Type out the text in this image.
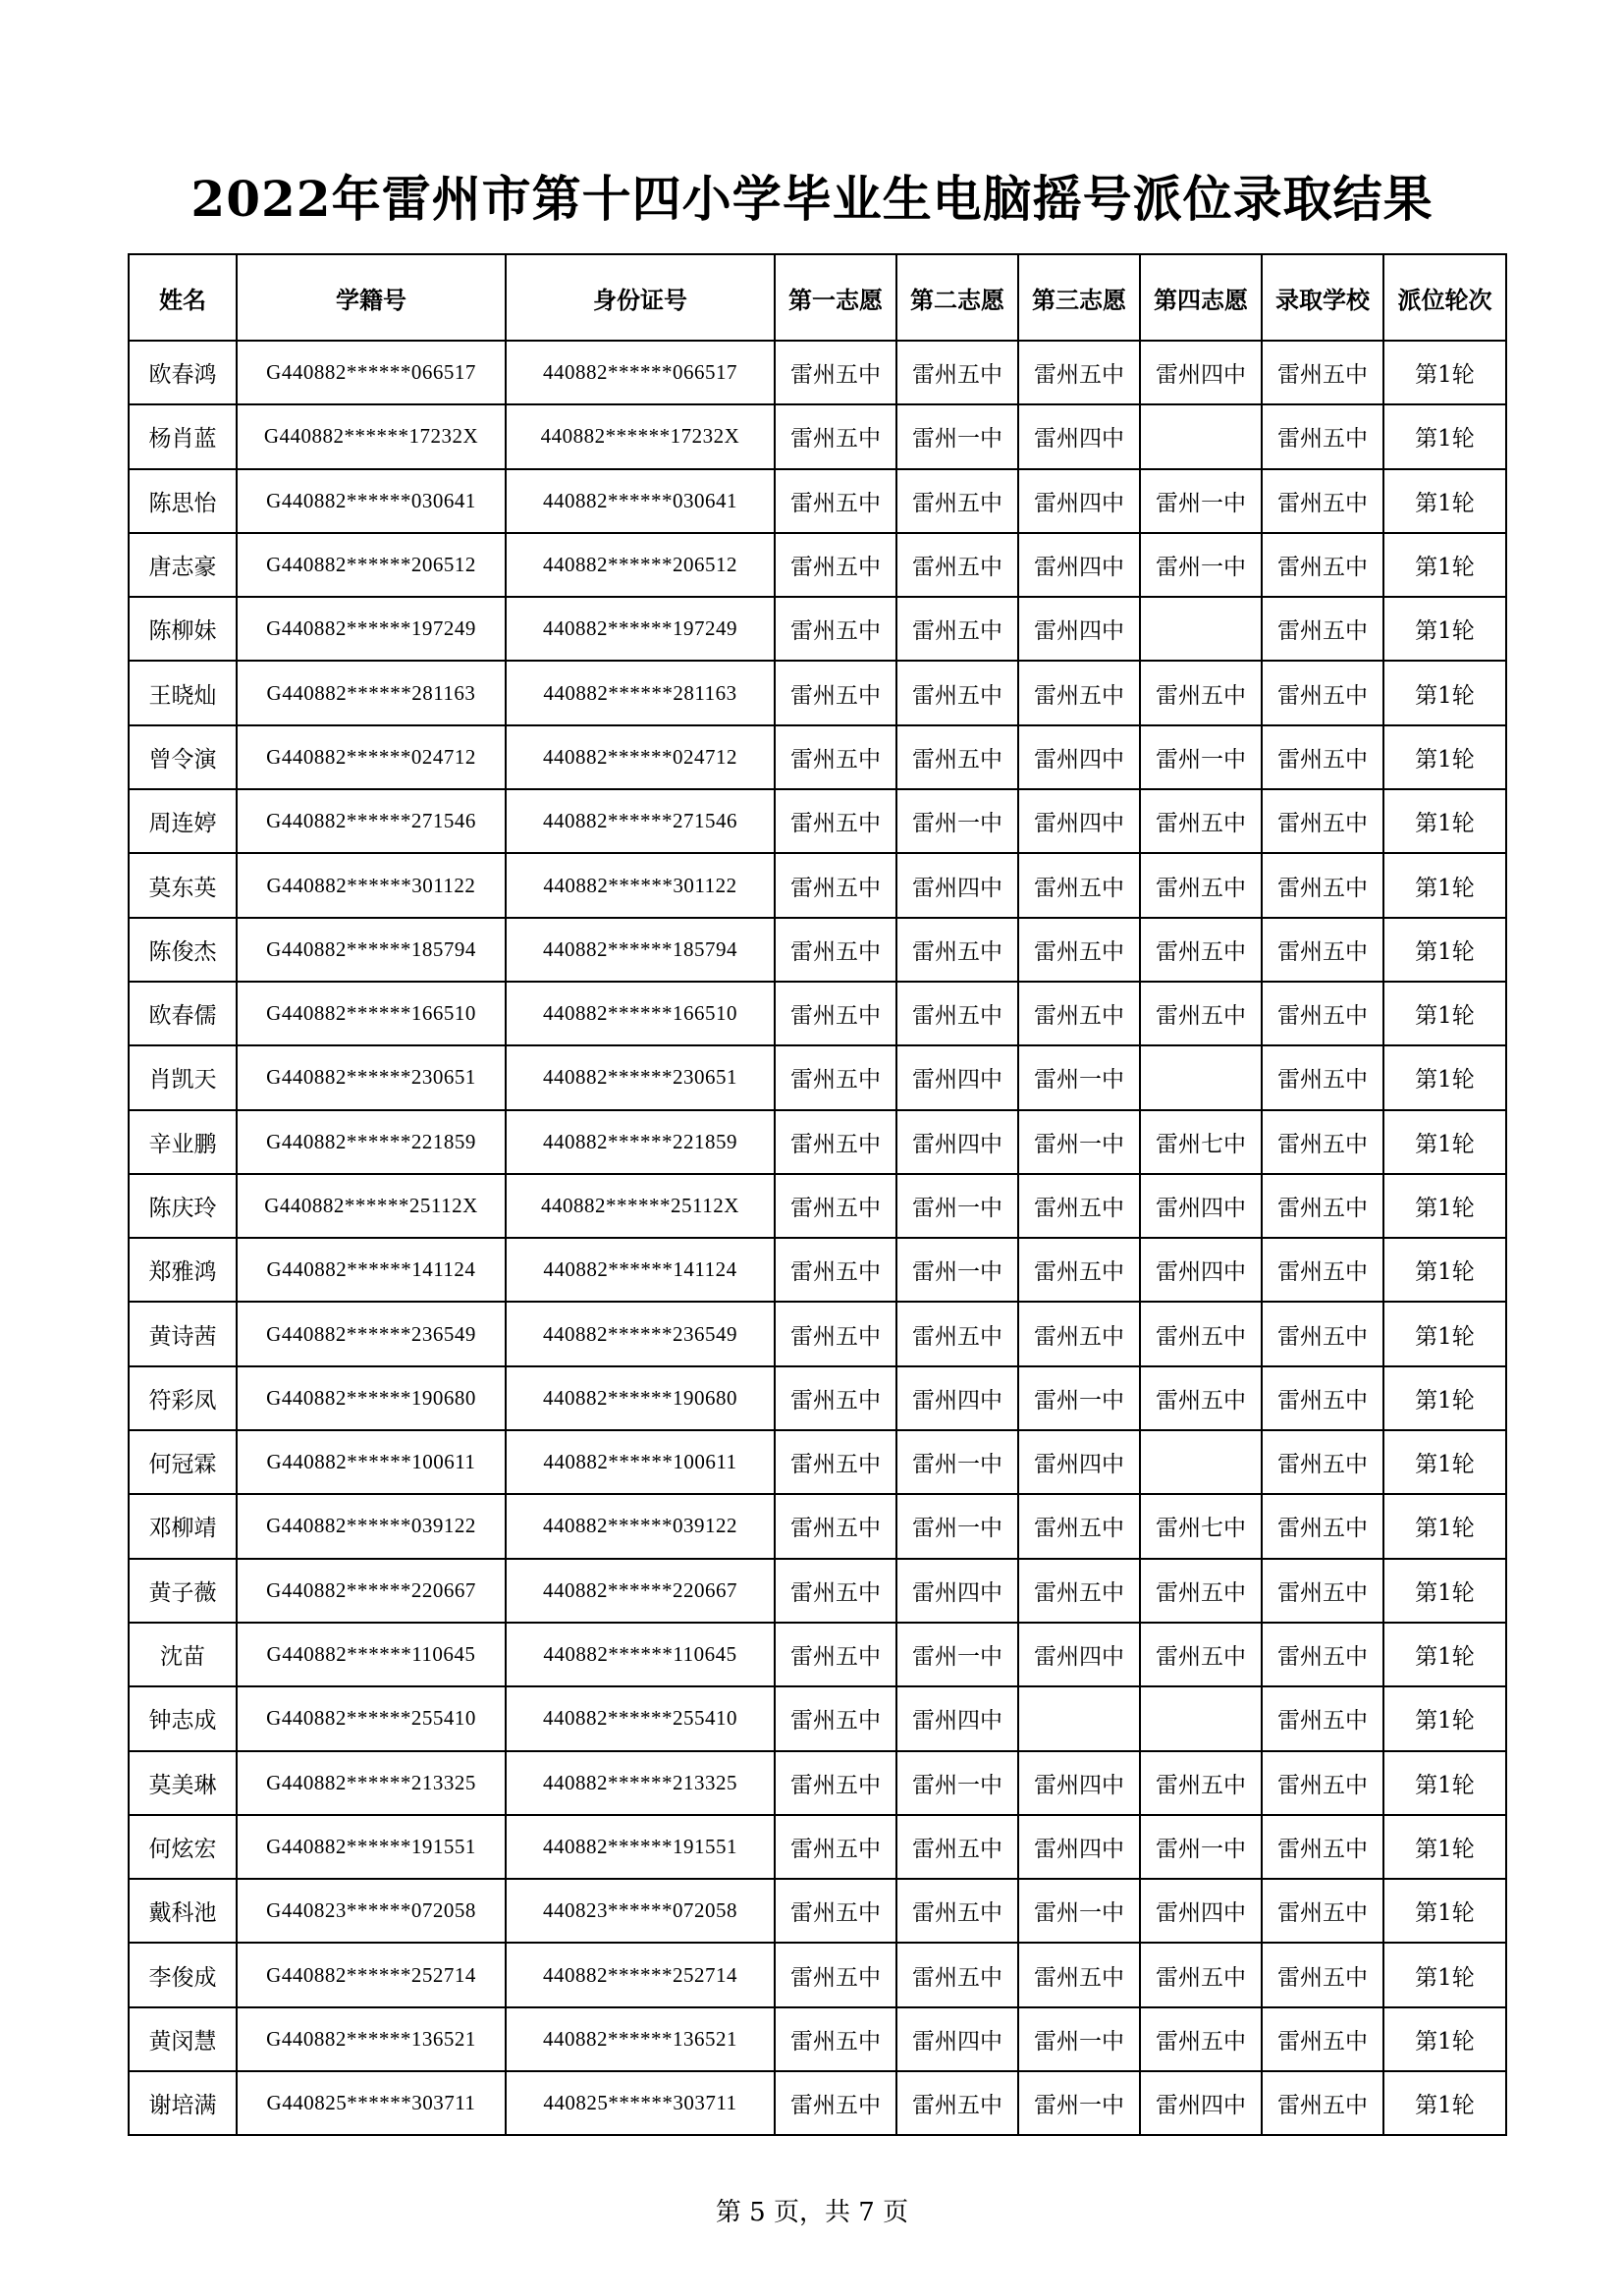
2022年雷州市第十四小学毕业生电脑摇号派位录取结果
姓名	学籍号	身份证号	第一志愿	第二志愿	第三志愿	第四志愿	录取学校	派位轮次
欧春鸿	G440882******066517	440882******066517	雷州五中	雷州五中	雷州五中	雷州四中	雷州五中	第1轮
杨肖蓝	G440882******17232X	440882******17232X	雷州五中	雷州一中	雷州四中		雷州五中	第1轮
陈思怡	G440882******030641	440882******030641	雷州五中	雷州五中	雷州四中	雷州一中	雷州五中	第1轮
唐志豪	G440882******206512	440882******206512	雷州五中	雷州五中	雷州四中	雷州一中	雷州五中	第1轮
陈柳妹	G440882******197249	440882******197249	雷州五中	雷州五中	雷州四中		雷州五中	第1轮
王晓灿	G440882******281163	440882******281163	雷州五中	雷州五中	雷州五中	雷州五中	雷州五中	第1轮
曾令演	G440882******024712	440882******024712	雷州五中	雷州五中	雷州四中	雷州一中	雷州五中	第1轮
周连婷	G440882******271546	440882******271546	雷州五中	雷州一中	雷州四中	雷州五中	雷州五中	第1轮
莫东英	G440882******301122	440882******301122	雷州五中	雷州四中	雷州五中	雷州五中	雷州五中	第1轮
陈俊杰	G440882******185794	440882******185794	雷州五中	雷州五中	雷州五中	雷州五中	雷州五中	第1轮
欧春儒	G440882******166510	440882******166510	雷州五中	雷州五中	雷州五中	雷州五中	雷州五中	第1轮
肖凯天	G440882******230651	440882******230651	雷州五中	雷州四中	雷州一中		雷州五中	第1轮
辛业鹏	G440882******221859	440882******221859	雷州五中	雷州四中	雷州一中	雷州七中	雷州五中	第1轮
陈庆玲	G440882******25112X	440882******25112X	雷州五中	雷州一中	雷州五中	雷州四中	雷州五中	第1轮
郑雅鸿	G440882******141124	440882******141124	雷州五中	雷州一中	雷州五中	雷州四中	雷州五中	第1轮
黄诗茜	G440882******236549	440882******236549	雷州五中	雷州五中	雷州五中	雷州五中	雷州五中	第1轮
符彩凤	G440882******190680	440882******190680	雷州五中	雷州四中	雷州一中	雷州五中	雷州五中	第1轮
何冠霖	G440882******100611	440882******100611	雷州五中	雷州一中	雷州四中		雷州五中	第1轮
邓柳靖	G440882******039122	440882******039122	雷州五中	雷州一中	雷州五中	雷州七中	雷州五中	第1轮
黄子薇	G440882******220667	440882******220667	雷州五中	雷州四中	雷州五中	雷州五中	雷州五中	第1轮
沈苗	G440882******110645	440882******110645	雷州五中	雷州一中	雷州四中	雷州五中	雷州五中	第1轮
钟志成	G440882******255410	440882******255410	雷州五中	雷州四中			雷州五中	第1轮
莫美琳	G440882******213325	440882******213325	雷州五中	雷州一中	雷州四中	雷州五中	雷州五中	第1轮
何炫宏	G440882******191551	440882******191551	雷州五中	雷州五中	雷州四中	雷州一中	雷州五中	第1轮
戴科池	G440823******072058	440823******072058	雷州五中	雷州五中	雷州一中	雷州四中	雷州五中	第1轮
李俊成	G440882******252714	440882******252714	雷州五中	雷州五中	雷州五中	雷州五中	雷州五中	第1轮
黄闵慧	G440882******136521	440882******136521	雷州五中	雷州四中	雷州一中	雷州五中	雷州五中	第1轮
谢培满	G440825******303711	440825******303711	雷州五中	雷州五中	雷州一中	雷州四中	雷州五中	第1轮
第 5 页，共 7 页
